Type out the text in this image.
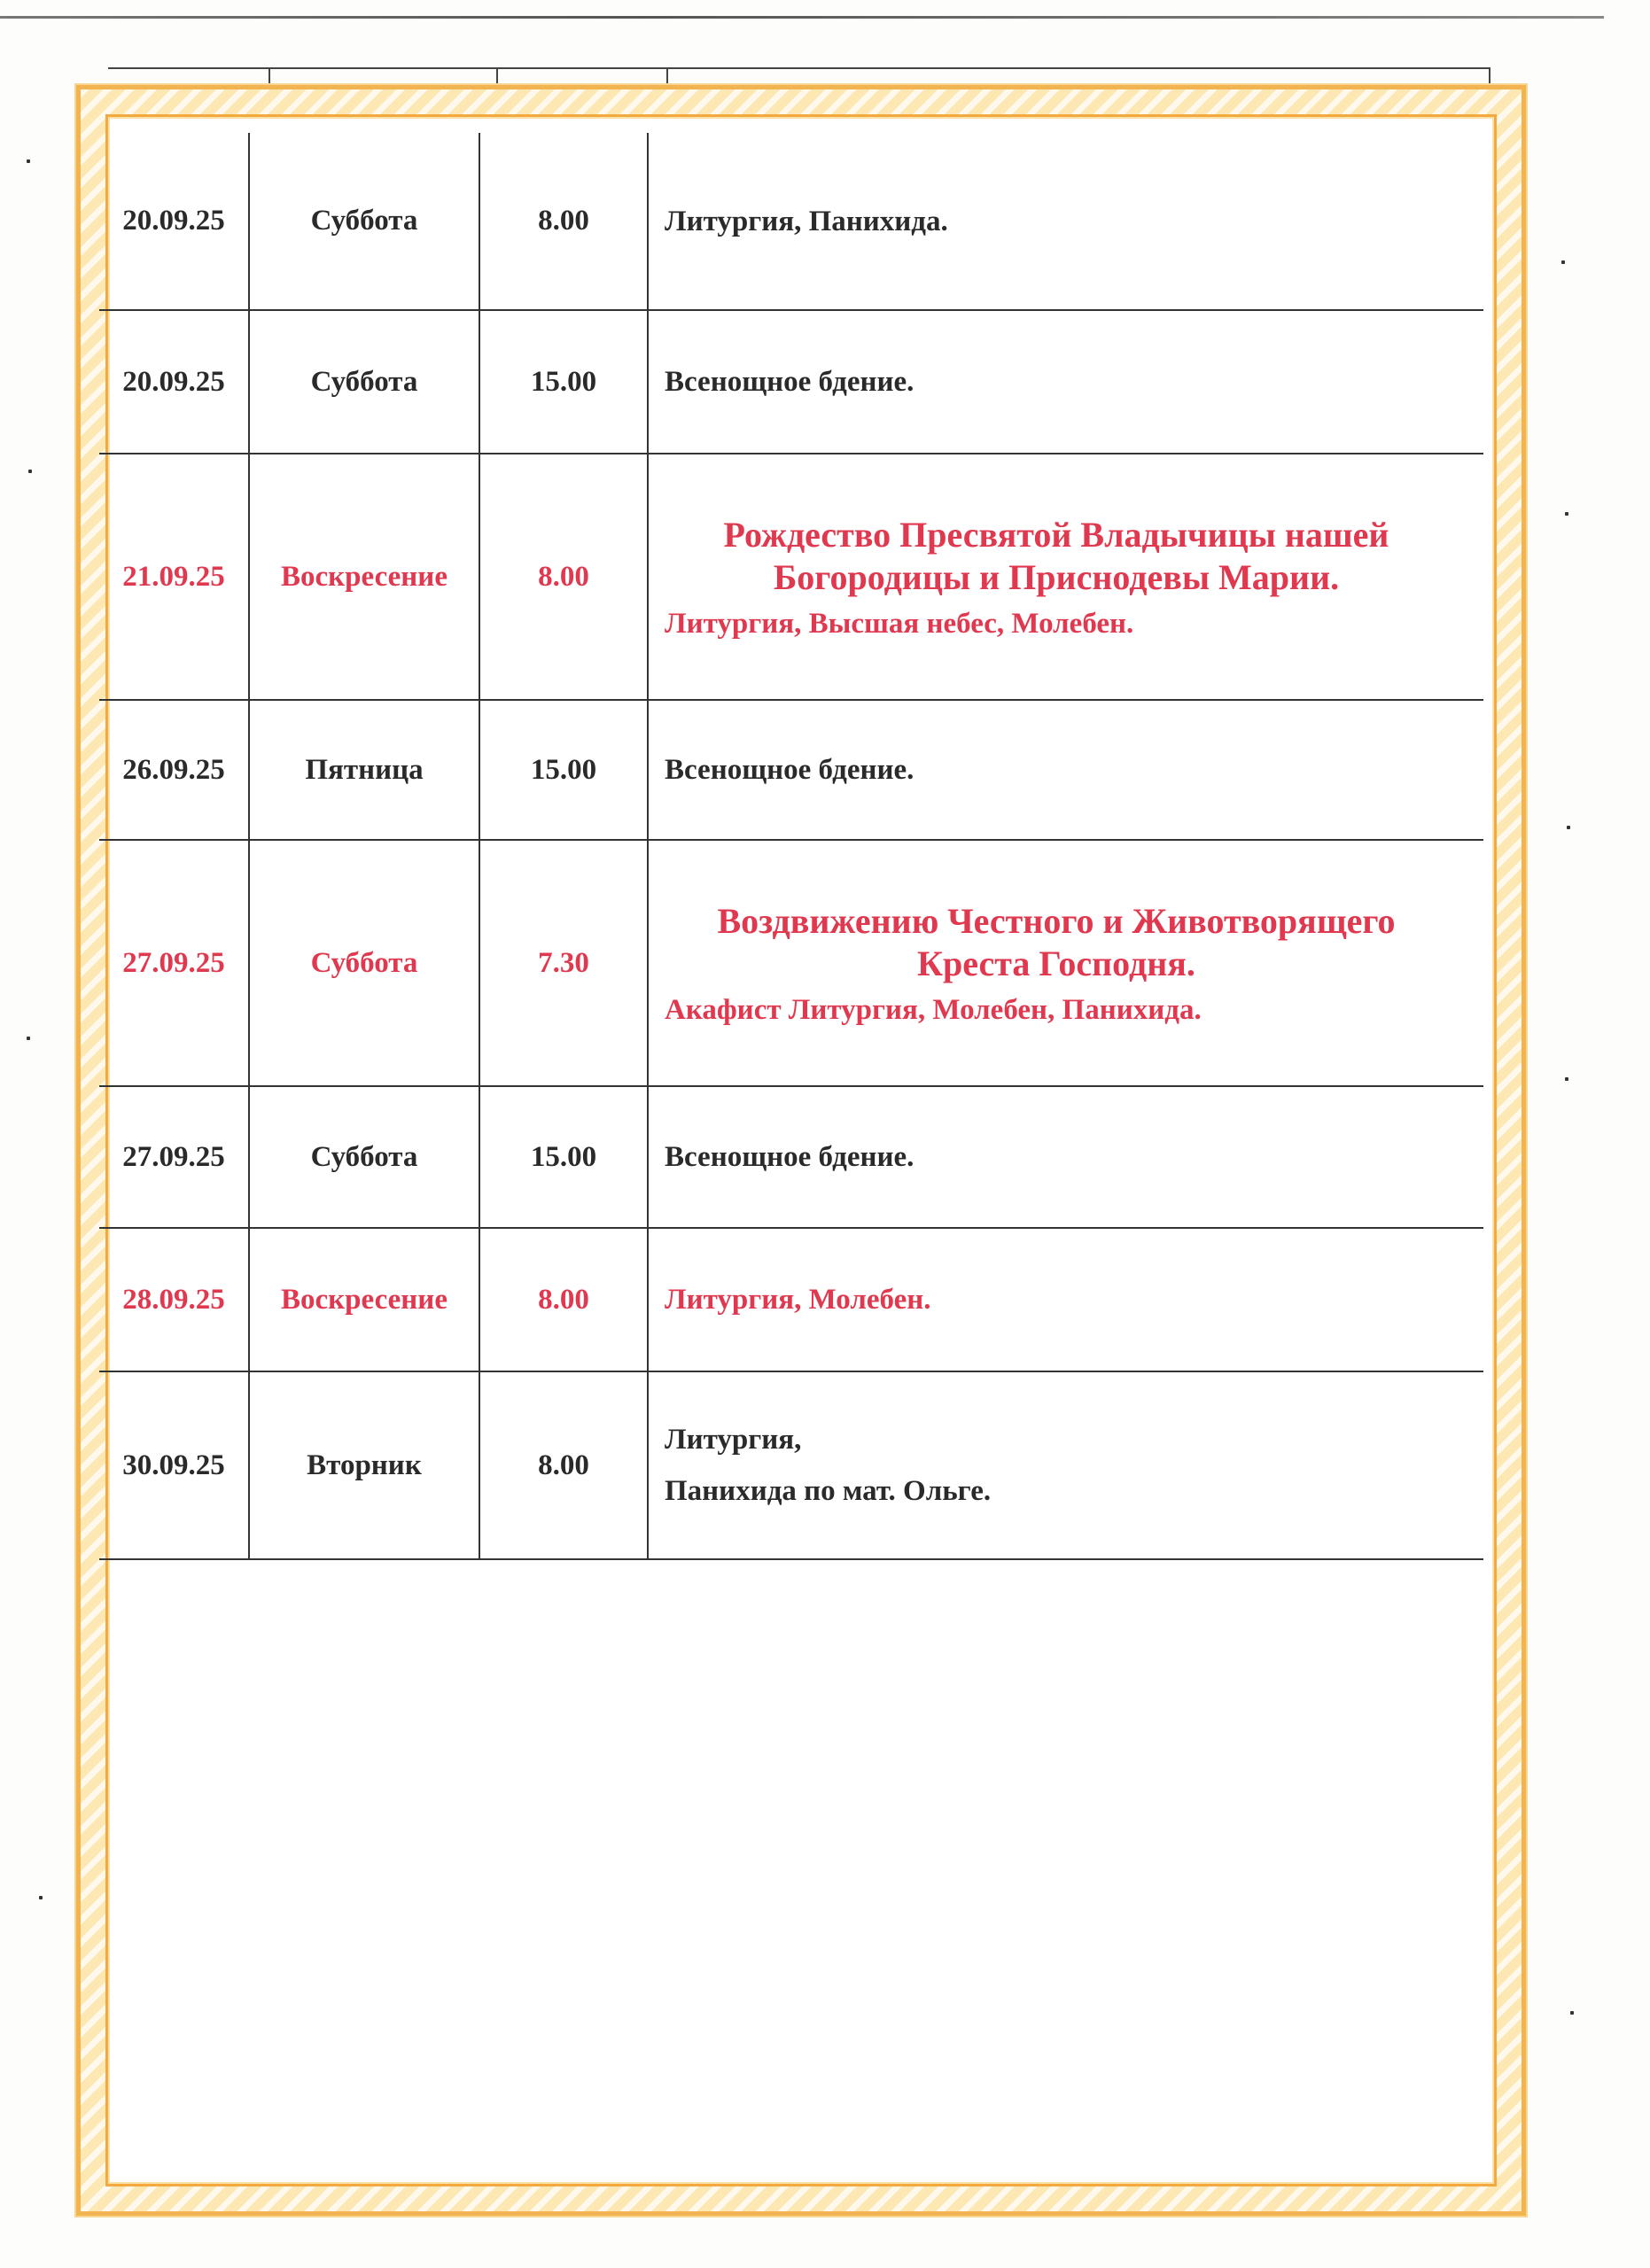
20.09.25	Суббота	8.00	Литургия, Панихида.

20.09.25	Суббота	15.00	Всенощное бдение.

21.09.25	Воскресение	8.00	Рождество Пресвятой Владычицы нашей Богородицы и Приснодевы Марии.
Литургия, Высшая небес, Молебен.

26.09.25	Пятница	15.00	Всенощное бдение.

27.09.25	Суббота	7.30	Воздвижению Честного и Животворящего Креста Господня.
Акафист Литургия, Молебен, Панихида.

27.09.25	Суббота	15.00	Всенощное бдение.

28.09.25	Воскресение	8.00	Литургия, Молебен.

30.09.25	Вторник	8.00	Литургия,
Панихида по мат. Ольге.
